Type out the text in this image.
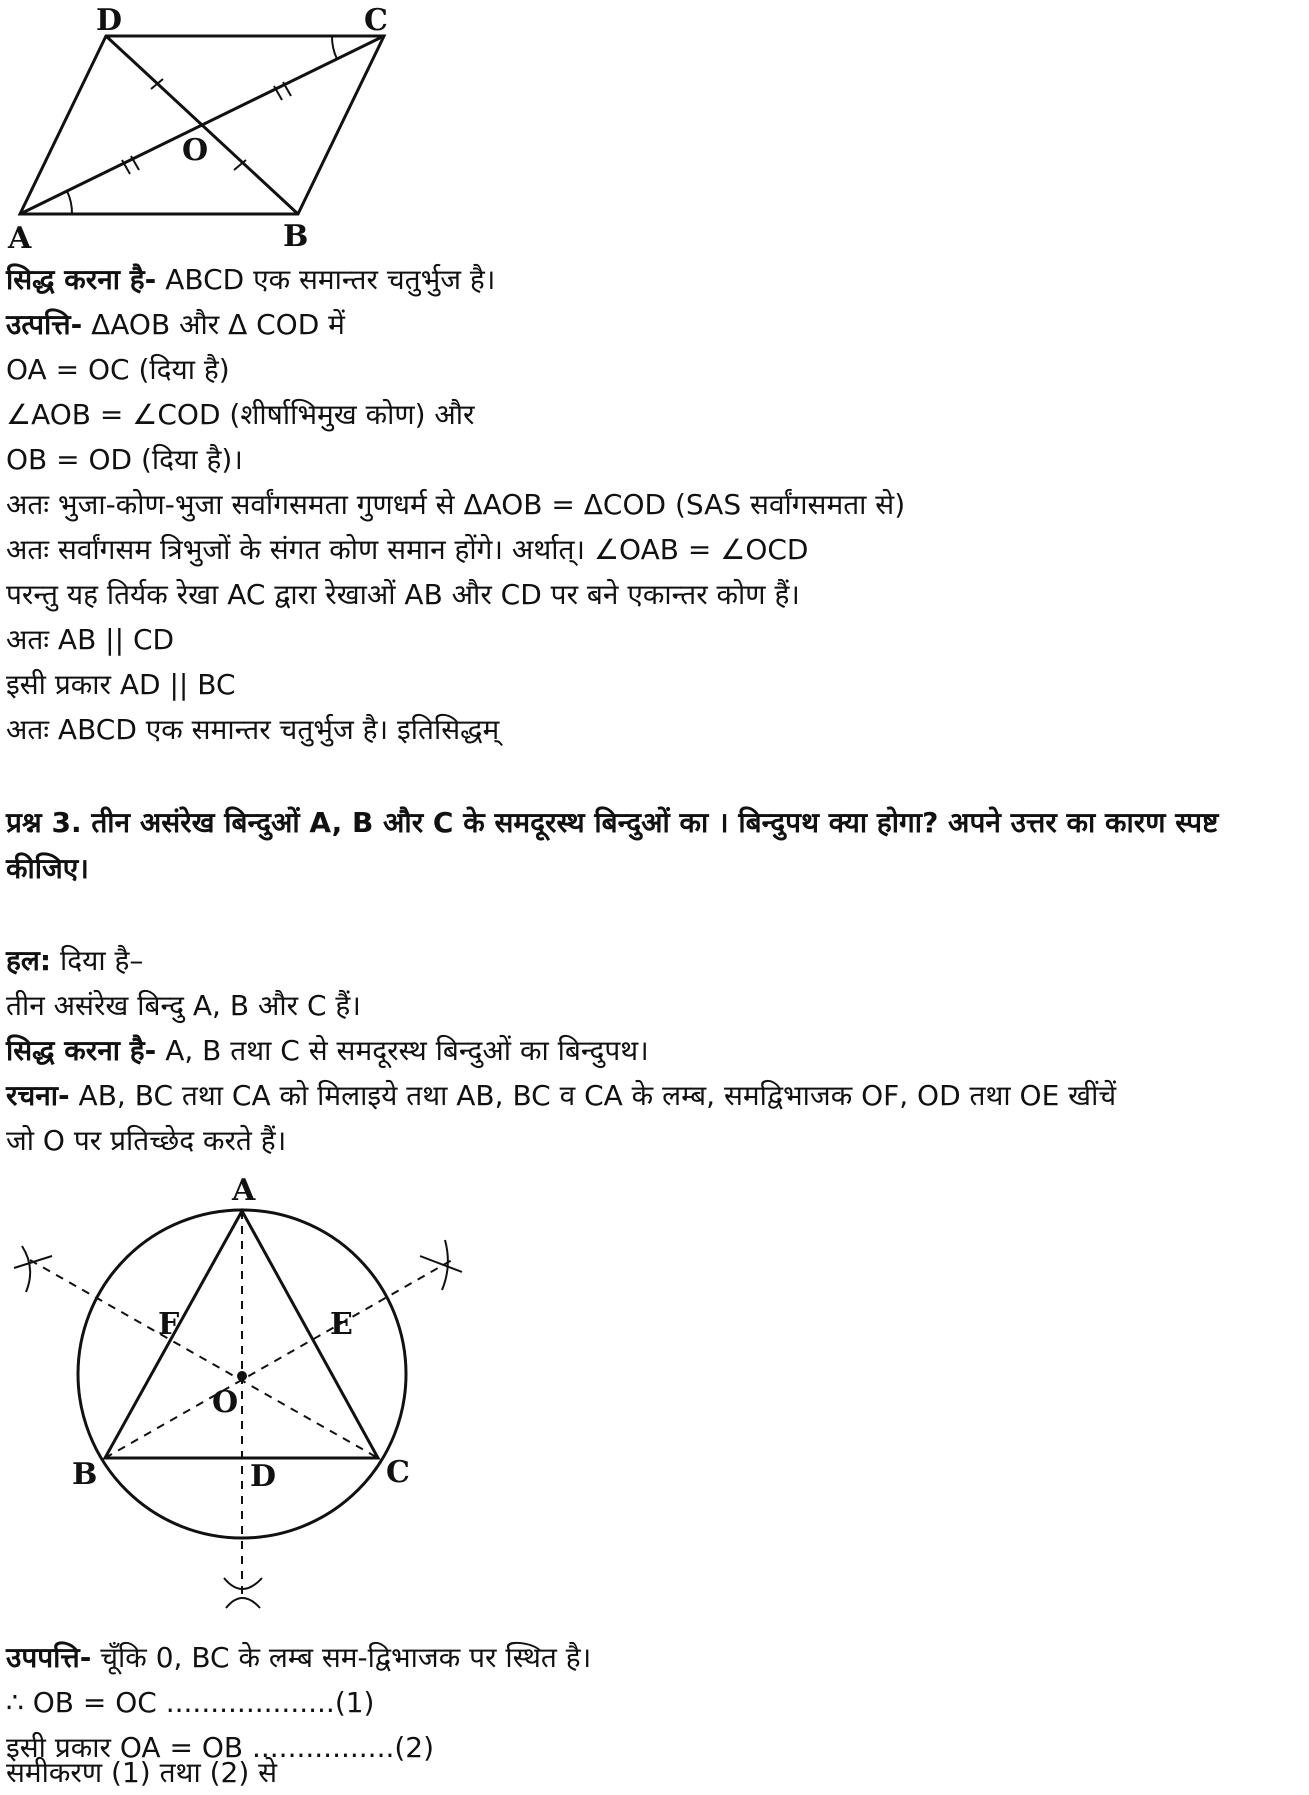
A	B
C
D
O
सिद्ध करना है- ABCD एक समान्तर चतुर्भुज है।
उत्पत्ति- ΔAOB और Δ COD में
OA = OC (दिया है)
∠AOB = ∠COD (शीर्षाभिमुख कोण) और
OB = OD (दिया है)।
अतः भुजा-कोण-भुजा सर्वांगसमता गुणधर्म से ΔAOB = ΔCOD (SAS सर्वांगसमता से)
अतः सर्वांगसम त्रिभुजों के संगत कोण समान होंगे। अर्थात्। ∠OAB = ∠OCD
परन्तु यह तिर्यक रेखा AC द्वारा रेखाओं AB और CD पर बने एकान्तर कोण हैं।
अतः AB || CD
इसी प्रकार AD || BC
अतः ABCD एक समान्तर चतुर्भुज है। इतिसिद्धम्
प्रश्न 3. तीन असंरेख बिन्दुओं A, B और C के समदूरस्थ बिन्दुओं का । बिन्दुपथ क्या होगा? अपने उत्तर का कारण स्पष्ट कीजिए।
हल: दिया है–
तीन असंरेख बिन्दु A, B और C हैं।
सिद्ध करना है- A, B तथा C से समदूरस्थ बिन्दुओं का बिन्दुपथ।
रचना- AB, BC तथा CA को मिलाइये तथा AB, BC व CA के लम्ब, समद्विभाजक OF, OD तथा OE खींचें
जो O पर प्रतिच्छेद करते हैं।
A
B	C
D
E
F
O
उपपत्ति- चूँकि 0, BC के लम्ब सम-द्विभाजक पर स्थित है।
∴ OB = OC ...................(1)
इसी प्रकार OA = OB ................(2)
समीकरण (1) तथा (2) से
